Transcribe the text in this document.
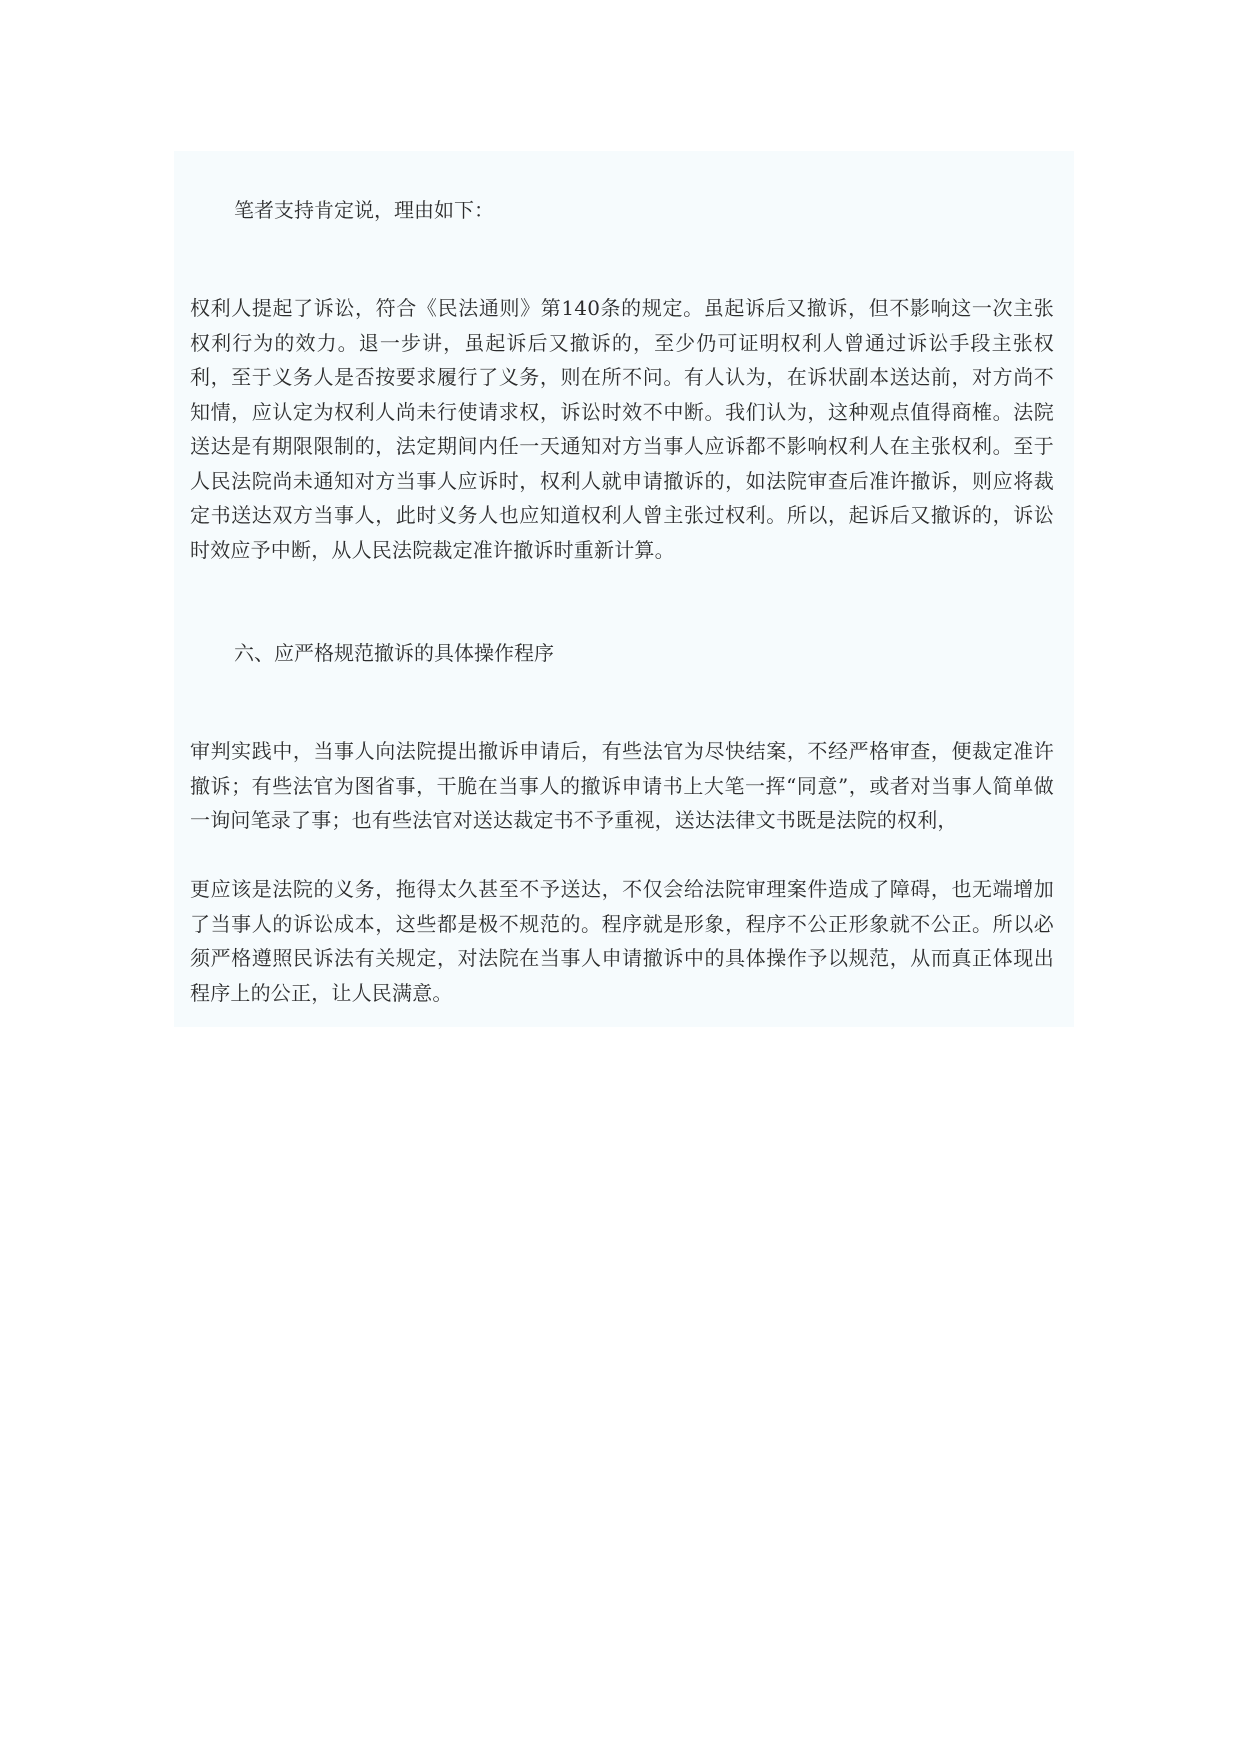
笔者支持肯定说，理由如下：

权利人提起了诉讼，符合《民法通则》第140条的规定。虽起诉后又撤诉，但不影响这一次主张权利行为的效力。退一步讲，虽起诉后又撤诉的，至少仍可证明权利人曾通过诉讼手段主张权利，至于义务人是否按要求履行了义务，则在所不问。有人认为，在诉状副本送达前，对方尚不知情，应认定为权利人尚未行使请求权，诉讼时效不中断。我们认为，这种观点值得商榷。法院送达是有期限限制的，法定期间内任一天通知对方当事人应诉都不影响权利人在主张权利。至于人民法院尚未通知对方当事人应诉时，权利人就申请撤诉的，如法院审查后准许撤诉，则应将裁定书送达双方当事人，此时义务人也应知道权利人曾主张过权利。所以，起诉后又撤诉的，诉讼时效应予中断，从人民法院裁定准许撤诉时重新计算。

六、应严格规范撤诉的具体操作程序

审判实践中，当事人向法院提出撤诉申请后，有些法官为尽快结案，不经严格审查，便裁定准许撤诉；有些法官为图省事，干脆在当事人的撤诉申请书上大笔一挥“同意”，或者对当事人简单做一询问笔录了事；也有些法官对送达裁定书不予重视，送达法律文书既是法院的权利，

更应该是法院的义务，拖得太久甚至不予送达，不仅会给法院审理案件造成了障碍，也无端增加了当事人的诉讼成本，这些都是极不规范的。程序就是形象，程序不公正形象就不公正。所以必须严格遵照民诉法有关规定，对法院在当事人申请撤诉中的具体操作予以规范，从而真正体现出程序上的公正，让人民满意。
